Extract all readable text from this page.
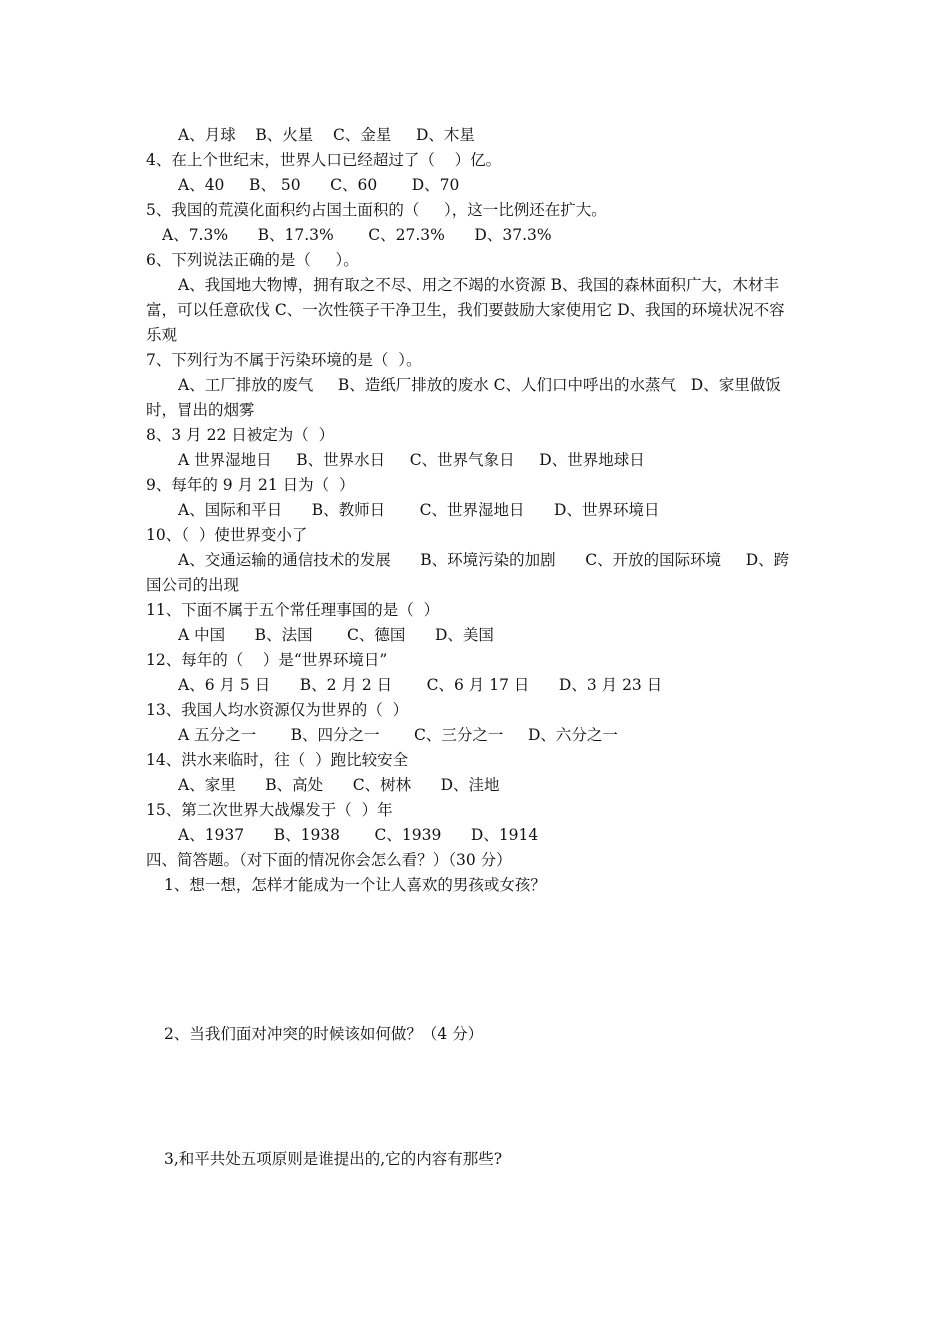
A、月球    B、火星    C、金星     D、木星
4、在上个世纪末，世界人口已经超过了（    ）亿。
A、40     B、 50      C、60       D、70
5、我国的荒漠化面积约占国土面积的（     ），这一比例还在扩大。
A、7.3%      B、17.3%       C、27.3%      D、37.3%
6、下列说法正确的是（     ）。
A、我国地大物博，拥有取之不尽、用之不竭的水资源 B、我国的森林面积广大，木材丰
富，可以任意砍伐 C、一次性筷子干净卫生，我们要鼓励大家使用它 D、我国的环境状况不容
乐观
7、下列行为不属于污染环境的是（  ）。
A、工厂排放的废气     B、造纸厂排放的废水 C、人们口中呼出的水蒸气   D、家里做饭
时，冒出的烟雾
8、3 月 22 日被定为（  ）
A 世界湿地日     B、世界水日     C、世界气象日     D、世界地球日
9、每年的 9 月 21 日为（  ）
A、国际和平日      B、教师日       C、世界湿地日      D、世界环境日
10、（  ）使世界变小了
A、交通运输的通信技术的发展      B、环境污染的加剧      C、开放的国际环境     D、跨
国公司的出现
11、下面不属于五个常任理事国的是（  ）
A 中国      B、法国       C、德国      D、美国
12、每年的（    ）是“世界环境日”
A、6 月 5 日      B、2 月 2 日       C、6 月 17 日      D、3 月 23 日
13、我国人均水资源仅为世界的（  ）
A 五分之一       B、四分之一       C、三分之一     D、六分之一
14、洪水来临时，往（  ）跑比较安全
A、家里      B、高处      C、树林      D、洼地
15、第二次世界大战爆发于（  ）年
A、1937      B、1938       C、1939      D、1914
四、简答题。（对下面的情况你会怎么看？）（30 分）
1、想一想，怎样才能成为一个让人喜欢的男孩或女孩？
2、当我们面对冲突的时候该如何做？（4 分）
3,和平共处五项原则是谁提出的,它的内容有那些?
